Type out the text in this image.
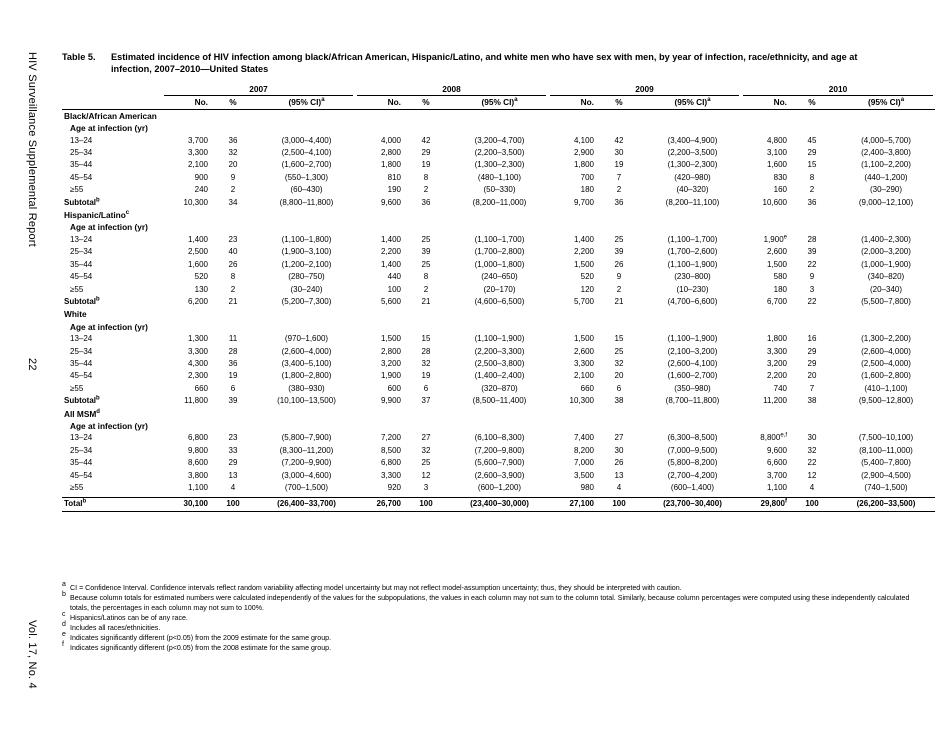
HIV Surveillance Supplemental Report
22
Vol. 17, No. 4
Table 5. Estimated incidence of HIV infection among black/African American, Hispanic/Latino, and white men who have sex with men, by year of infection, race/ethnicity, and age at
infection, 2007–2010—United States

	2007			2008			2009			2010		

	No.	%	(95% CI)$^a$	No.	%	(95% CI)$^a$	No.	%	(95% CI)$^a$	No.	%	(95% CI)$^a$
Black/African American												
Age at infection (yr)												
13–24	3,700	36	(3,000–4,400)	4,000	42	(3,200–4,700)	4,100	42	(3,400–4,900)	4,800	45	(4,000–5,700)
25–34	3,300	32	(2,500–4,100)	2,800	29	(2,200–3,500)	2,900	30	(2,200–3,500)	3,100	29	(2,400–3,800)
35–44	2,100	20	(1,600–2,700)	1,800	19	(1,300–2,300)	1,800	19	(1,300–2,300)	1,600	15	(1,100–2,200)
45–54	900	9	(550–1,300)	810	8	(480–1,100)	700	7	(420–980)	830	8	(440–1,200)
≥55	240	2	(60–430)	190	2	(50–330)	180	2	(40–320)	160	2	(30–290)
Subtotal$^b$	10,300	34	(8,800–11,800)	9,600	36	(8,200–11,000)	9,700	36	(8,200–11,100)	10,600	36	(9,000–12,100)
Hispanic/Latino$^c$	
Age at infection (yr)												
13–24	1,400	23	(1,100–1,800)	1,400	25	(1,100–1,700)	1,400	25	(1,100–1,700)	1,900e	28	(1,400–2,300)
25–34	2,500	40	(1,900–3,100)	2,200	39	(1,700–2,800)	2,200	39	(1,700–2,600)	2,600	39	(2,000–3,200)
35–44	1,600	26	(1,200–2,100)	1,400	25	(1,000–1,800)	1,500	26	(1,100–1,900)	1,500	22	(1,000–1,900)
45–54	520	8	(280–750)	440	8	(240–650)	520	9	(230–800)	580	9	(340–820)
≥55	130	2	(30–240)	100	2	(20–170)	120	2	(10–230)	180	3	(20–340)
Subtotal$^b$	6,200	21	(5,200–7,300)	5,600	21	(4,600–6,500)	5,700	21	(4,700–6,600)	6,700	22	(5,500–7,800)
White												
Age at infection (yr)												
13–24	1,300	11	(970–1,600)	1,500	15	(1,100–1,900)	1,500	15	(1,100–1,900)	1,800	16	(1,300–2,200)
25–34	3,300	28	(2,600–4,000)	2,800	28	(2,200–3,300)	2,600	25	(2,100–3,200)	3,300	29	(2,600–4,000)
35–44	4,300	36	(3,400–5,100)	3,200	32	(2,500–3,800)	3,300	32	(2,600–4,100)	3,200	29	(2,500–4,000)
45–54	2,300	19	(1,800–2,800)	1,900	19	(1,400–2,400)	2,100	20	(1,600–2,700)	2,200	20	(1,600–2,800)
≥55	660	6	(380–930)	600	6	(320–870)	660	6	(350–980)	740	7	(410–1,100)
Subtotal$^b$	11,800	39	(10,100–13,500)	9,900	37	(8,500–11,400)	10,300	38	(8,700–11,800)	11,200	38	(9,500–12,800)
All MSM$^d$	
Age at infection (yr)												
13–24	6,800	23	(5,800–7,900)	7,200	27	(6,100–8,300)	7,400	27	(6,300–8,500)	8,800$^{e,f}$	30	(7,500–10,100)
25–34	9,800	33	(8,300–11,200)	8,500	32	(7,200–9,800)	8,200	30	(7,000–9,500)	9,600	32	(8,100–11,000)
35–44	8,600	29	(7,200–9,900)	6,800	25	(5,600–7,900)	7,000	26	(5,800–8,200)	6,600	22	(5,400–7,800)
45–54	3,800	13	(3,000–4,600)	3,300	12	(2,600–3,900)	3,500	13	(2,700–4,200)	3,700	12	(2,900–4,500)
≥55	1,100	4	(700–1,500)	920	3	(600–1,200)	980	4	(600–1,400)	1,100	4	(740–1,500)

Total$^b$	30,100	100	(26,400–33,700)	26,700	100	(23,400–30,000)	27,100	100	(23,700–30,400)	29,800$^f$	100	(26,200–33,500)
a CI = Confidence Interval. Confidence intervals reflect random variability affecting model uncertainty but may not reflect model-assumption uncertainty; thus, they should be interpreted with caution.
b Because column totals for estimated numbers were calculated independently of the values for the subpopulations, the values in each column may not sum to the column total. Similarly, because column percentages were computed using these independently calculated totals, the percentages in each column may not sum to 100%.
c Hispanics/Latinos can be of any race.
d Includes all races/ethnicities.
e Indicates significantly different (p<0.05) from the 2009 estimate for the same group.
f Indicates significantly different (p<0.05) from the 2008 estimate for the same group.
